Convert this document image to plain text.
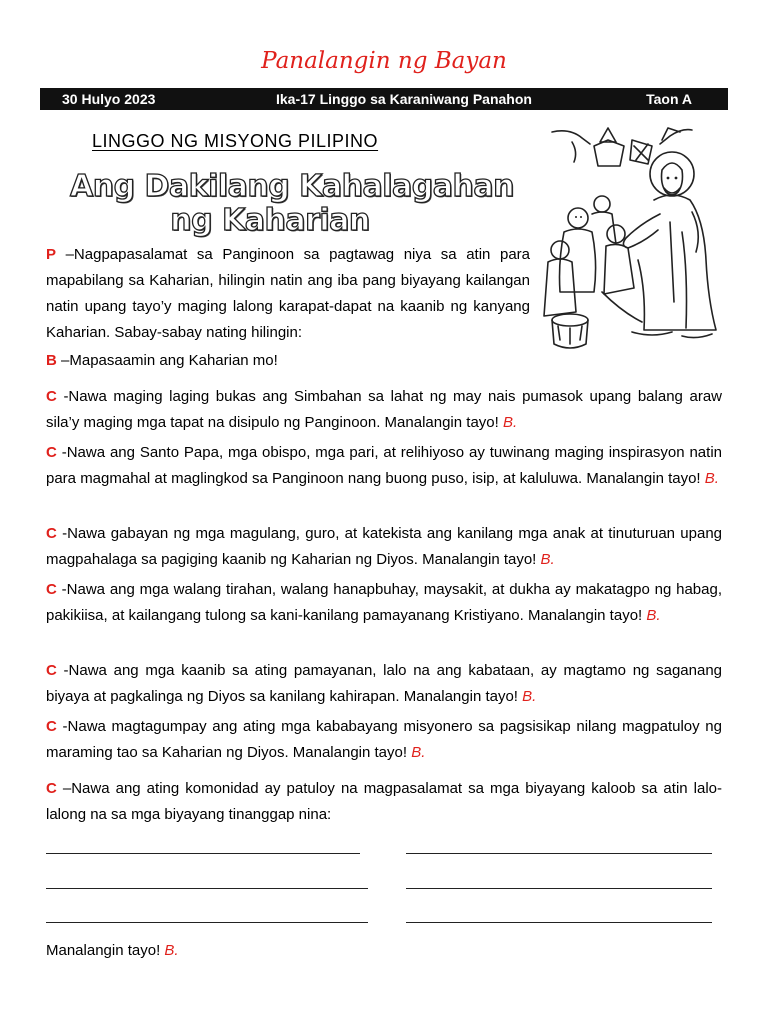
Panalangin ng Bayan
30 Hulyo 2023	Ika-17 Linggo sa Karaniwang Panahon	Taon A
LINGGO NG MISYONG PILIPINO
Ang Dakilang Kahalagahan
ng Kaharian

P –Nagpapasalamat sa Panginoon sa pagtawag niya sa atin para mapabilang sa Kaharian, hilingin natin ang iba pang biyayang kailangan natin upang tayo’y maging lalong karapat-dapat na kaanib ng kanyang Kaharian. Sabay-sabay nating hilingin:

B –Mapasaamin ang Kaharian mo!

C -Nawa maging laging bukas ang Simbahan sa lahat ng may nais pumasok upang balang araw sila’y maging mga tapat na disipulo ng Panginoon. Manalangin tayo! B.

C -Nawa ang Santo Papa, mga obispo, mga pari, at relihiyoso ay tuwinang maging inspirasyon natin para magmahal at maglingkod sa Panginoon nang buong puso, isip, at kaluluwa. Manalangin tayo! B.

C -Nawa gabayan ng mga magulang, guro, at katekista ang kanilang mga anak at tinuturuan upang magpahalaga sa pagiging kaanib ng Kaharian ng Diyos. Manalangin tayo! B.

C -Nawa ang mga walang tirahan, walang hanapbuhay, maysakit, at dukha ay makatagpo ng habag, pakikiisa, at kailangang tulong sa kani-kanilang pamayanang Kristiyano. Manalangin tayo! B.

C -Nawa ang mga kaanib sa ating pamayanan, lalo na ang kabataan, ay magtamo ng saganang biyaya at pagkalinga ng Diyos sa kanilang kahirapan. Manalangin tayo! B.

C -Nawa magtagumpay ang ating mga kababayang misyonero sa pagsisikap nilang magpatuloy ng maraming tao sa Kaharian ng Diyos. Manalangin tayo! B.

C –Nawa ang ating komonidad ay patuloy na magpasalamat sa mga biyayang kaloob sa atin lalo-lalong na sa mga biyayang tinanggap nina:

Manalangin tayo! B.
